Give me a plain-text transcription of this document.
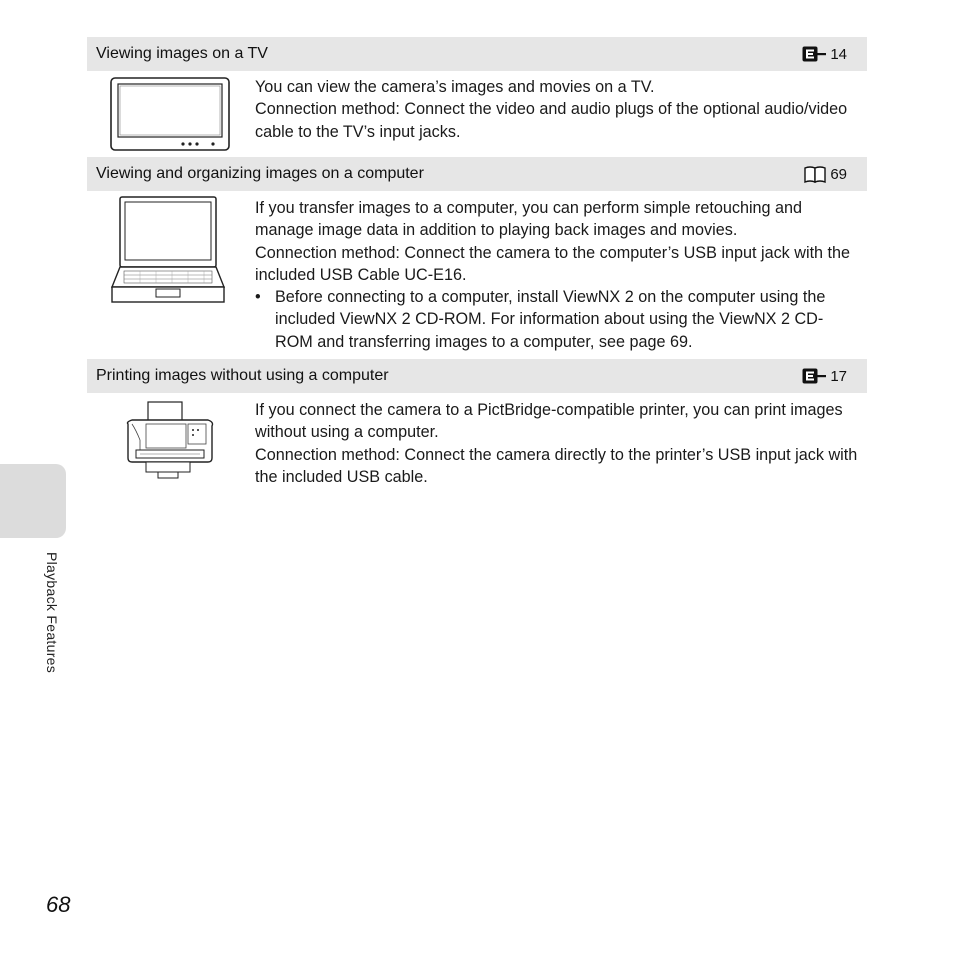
Viewing images on a TV	14

You can view the camera’s images and movies on a TV.

Connection method: Connect the video and audio plugs of the optional audio/video cable to the TV’s input jacks.

Viewing and organizing images on a computer	69

If you transfer images to a computer, you can perform simple retouching and manage image data in addition to playing back images and movies.

Connection method: Connect the camera to the computer’s USB input jack with the included USB Cable UC-E16.

• Before connecting to a computer, install ViewNX 2 on the computer using the included ViewNX 2 CD-ROM. For information about using the ViewNX 2 CD-ROM and transferring images to a computer, see page 69.
Printing images without using a computer	17

If you connect the camera to a PictBridge-compatible printer, you can print images without using a computer.

Connection method: Connect the camera directly to the printer’s USB input jack with the included USB cable.

Playback Features
68
